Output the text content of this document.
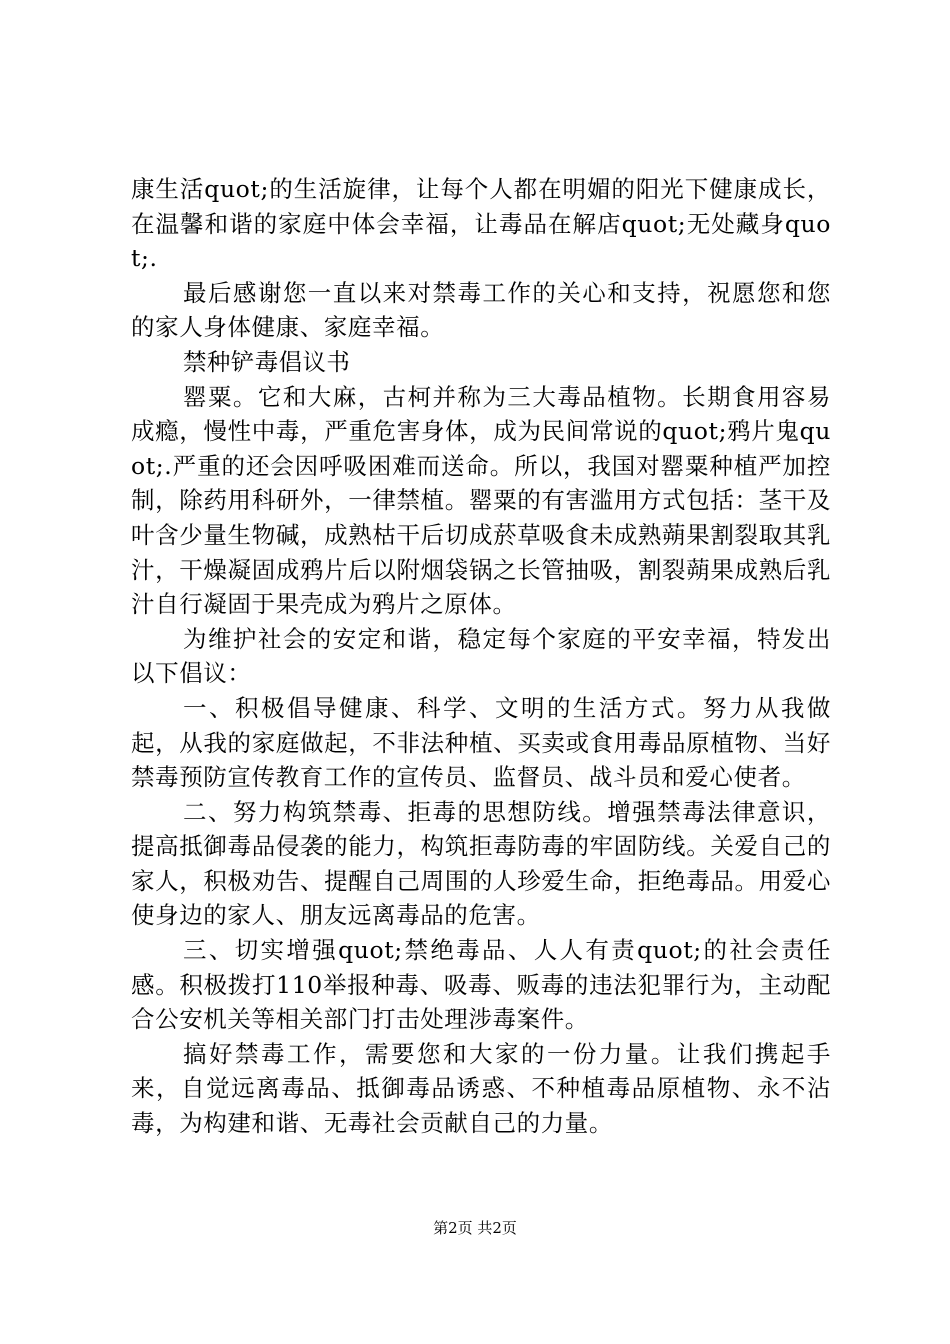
康生活quot;的生活旋律，让每个人都在明媚的阳光下健康成长，在温馨和谐的家庭中体会幸福，让毒品在解店quot;无处藏身quot;.

最后感谢您一直以来对禁毒工作的关心和支持，祝愿您和您的家人身体健康、家庭幸福。

禁种铲毒倡议书

罂粟。它和大麻，古柯并称为三大毒品植物。长期食用容易成瘾，慢性中毒，严重危害身体，成为民间常说的quot;鸦片鬼quot;.严重的还会因呼吸困难而送命。所以，我国对罂粟种植严加控制，除药用科研外，一律禁植。罂粟的有害滥用方式包括：茎干及叶含少量生物碱，成熟枯干后切成菸草吸食未成熟蒴果割裂取其乳汁，干燥凝固成鸦片后以附烟袋锅之长管抽吸，割裂蒴果成熟后乳汁自行凝固于果壳成为鸦片之原体。

为维护社会的安定和谐，稳定每个家庭的平安幸福，特发出以下倡议：

一、积极倡导健康、科学、文明的生活方式。努力从我做起，从我的家庭做起，不非法种植、买卖或食用毒品原植物、当好禁毒预防宣传教育工作的宣传员、监督员、战斗员和爱心使者。

二、努力构筑禁毒、拒毒的思想防线。增强禁毒法律意识，提高抵御毒品侵袭的能力，构筑拒毒防毒的牢固防线。关爱自己的家人，积极劝告、提醒自己周围的人珍爱生命，拒绝毒品。用爱心使身边的家人、朋友远离毒品的危害。

三、切实增强quot;禁绝毒品、人人有责quot;的社会责任感。积极拨打110举报种毒、吸毒、贩毒的违法犯罪行为，主动配合公安机关等相关部门打击处理涉毒案件。

搞好禁毒工作，需要您和大家的一份力量。让我们携起手来，自觉远离毒品、抵御毒品诱惑、不种植毒品原植物、永不沾毒，为构建和谐、无毒社会贡献自己的力量。

第2页 共2页
